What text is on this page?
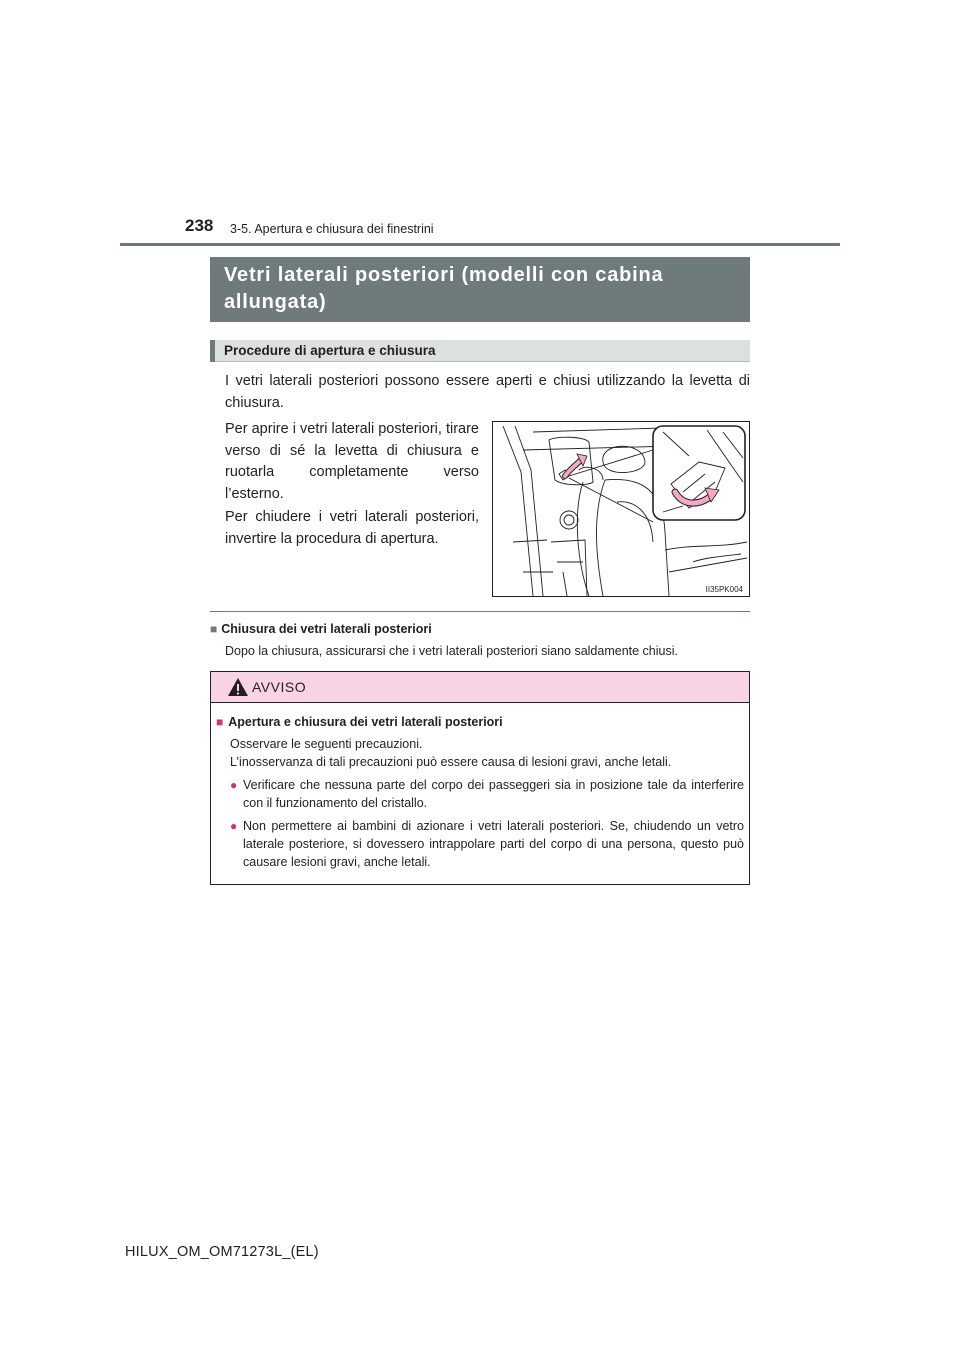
238 3-5. Apertura e chiusura dei finestrini
Vetri laterali posteriori (modelli con cabina
allungata)
Procedure di apertura e chiusura

I vetri laterali posteriori possono essere aperti e chiusi utilizzando la levetta di chiusura.

Per aprire i vetri laterali posteriori, tirare verso di sé la levetta di chiusura e ruotarla completamente verso l’esterno.

Per chiudere i vetri laterali posteriori, invertire la procedura di apertura.

II35PK004
■ Chiusura dei vetri laterali posteriori

Dopo la chiusura, assicurarsi che i vetri laterali posteriori siano saldamente chiusi.

AVVISO
■ Apertura e chiusura dei vetri laterali posteriori
Osservare le seguenti precauzioni.
L’inosservanza di tali precauzioni può essere causa di lesioni gravi, anche letali.
● Verificare che nessuna parte del corpo dei passeggeri sia in posizione tale da interferire con il funzionamento del cristallo.
● Non permettere ai bambini di azionare i vetri laterali posteriori. Se, chiudendo un vetro laterale posteriore, si dovessero intrappolare parti del corpo di una persona, questo può causare lesioni gravi, anche letali.
HILUX_OM_OM71273L_(EL)
